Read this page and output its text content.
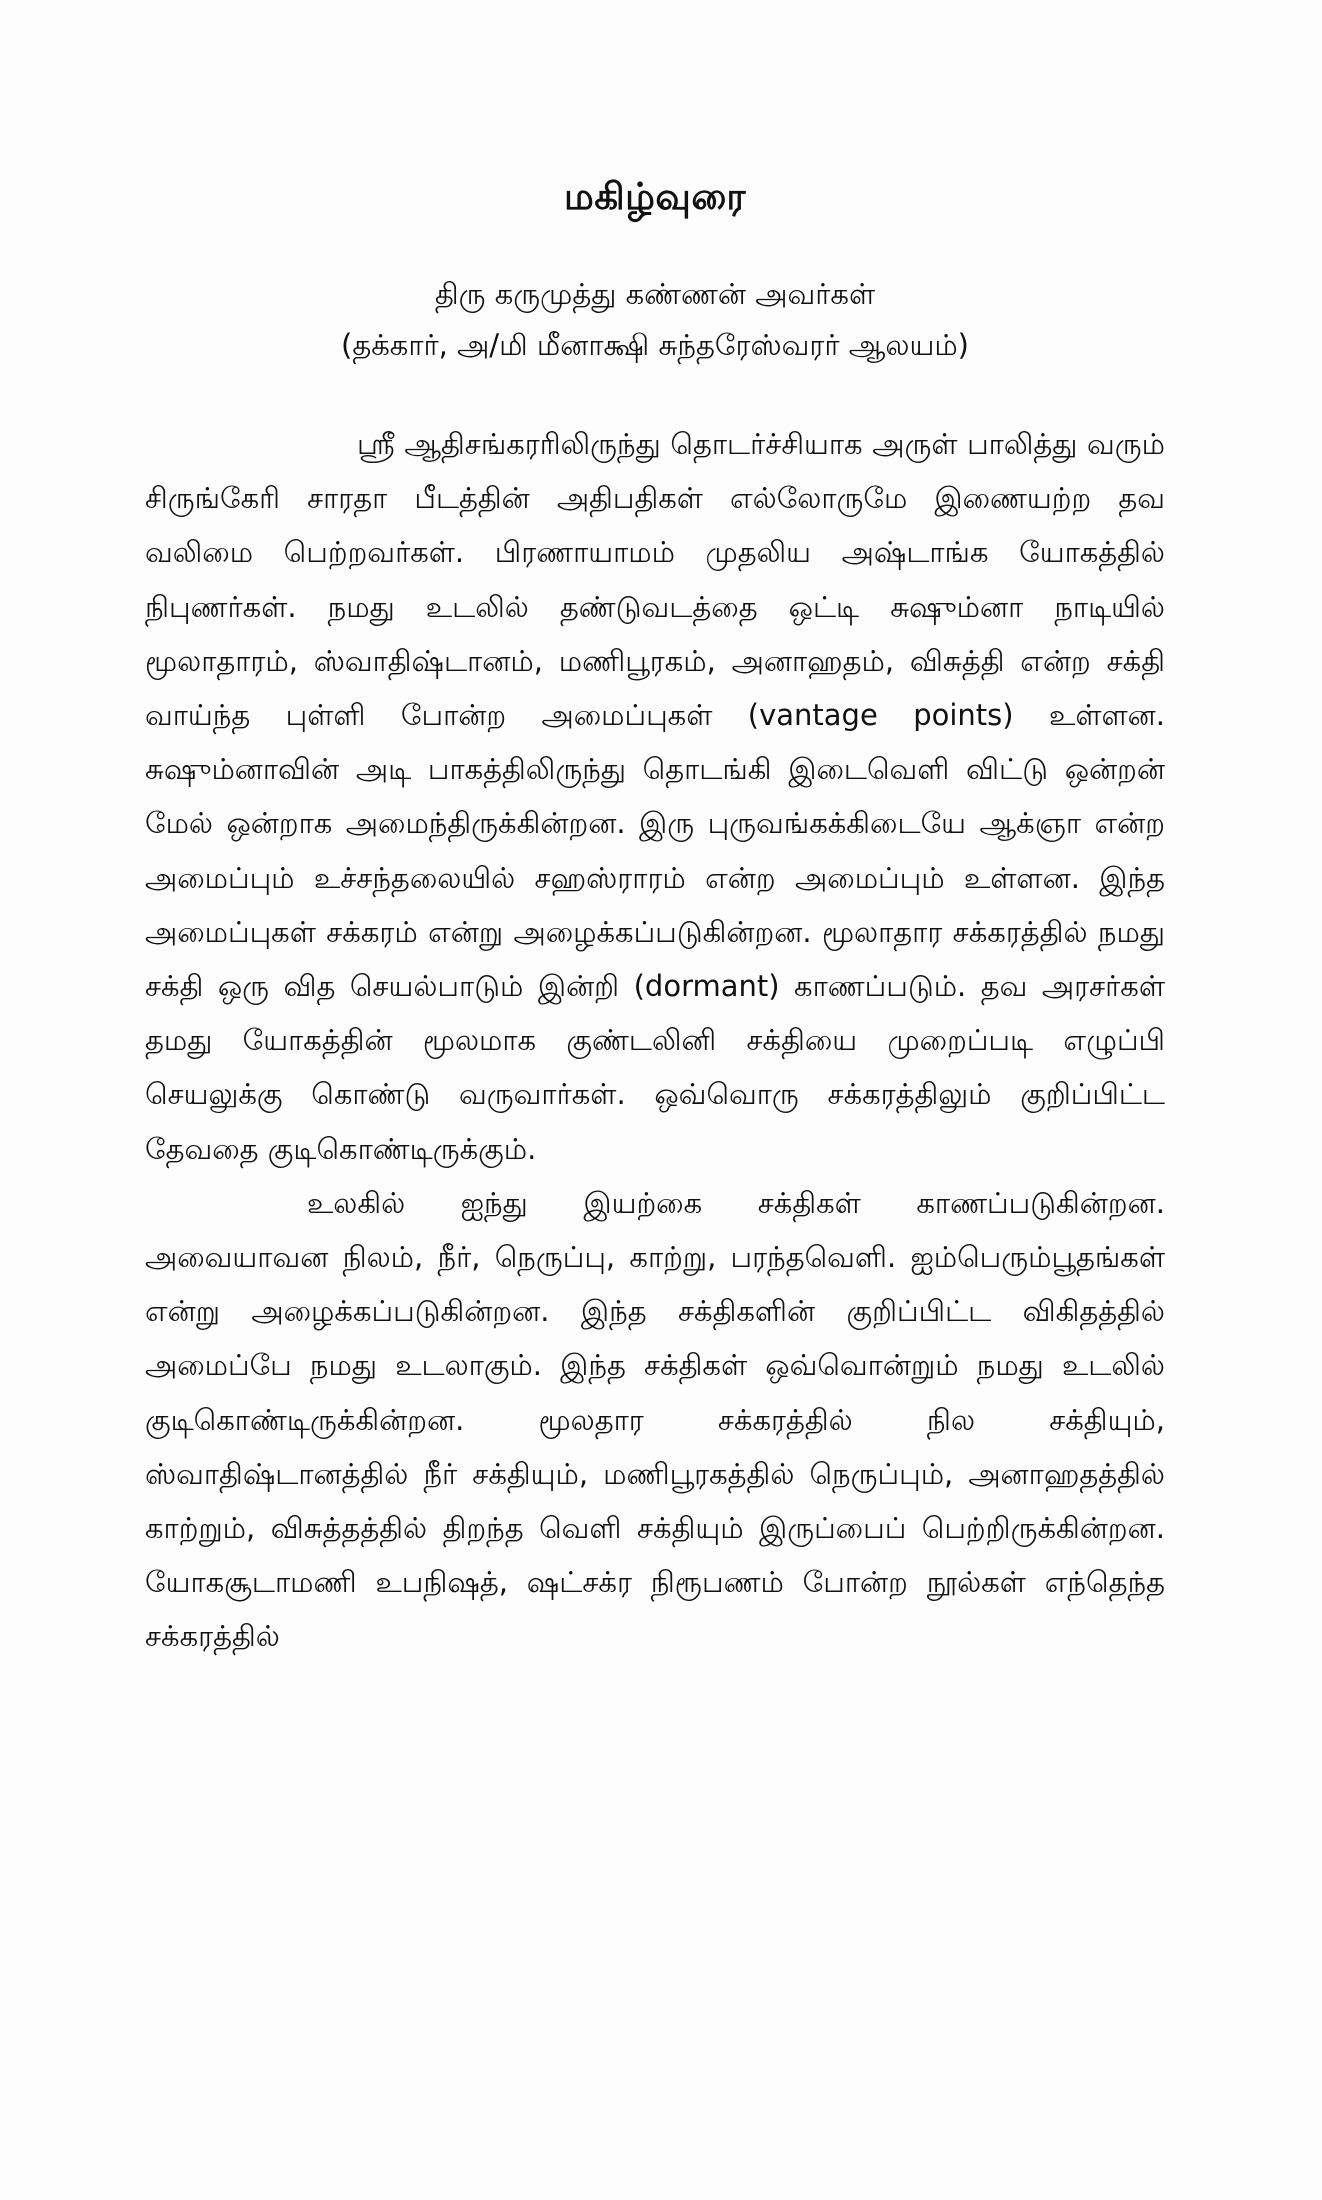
மகிழ்வுரை

திரு கருமுத்து கண்ணன் அவர்கள்

(தக்கார், அ/மி மீனாக்ஷி சுந்தரேஸ்வரர் ஆலயம்)

ஸ்ரீ ஆதிசங்கரரிலிருந்து தொடர்ச்சியாக அருள் பாலித்து வரும் சிருங்கேரி சாரதா பீடத்தின் அதிபதிகள் எல்லோருமே இணையற்ற தவ வலிமை பெற்றவர்கள். பிரணாயாமம் முதலிய அஷ்டாங்க யோகத்தில் நிபுணர்கள். நமது உடலில் தண்டுவடத்தை ஒட்டி சுஷும்னா நாடியில் மூலாதாரம், ஸ்வாதிஷ்டானம், மணிபூரகம், அனாஹதம், விசுத்தி என்ற சக்தி வாய்ந்த புள்ளி போன்ற அமைப்புகள் (vantage points) உள்ளன. சுஷும்னாவின் அடி பாகத்திலிருந்து தொடங்கி இடைவெளி விட்டு ஒன்றன் மேல் ஒன்றாக அமைந்திருக்கின்றன. இரு புருவங்கக்கிடையே ஆக்ஞா என்ற அமைப்பும் உச்சந்தலையில் சஹஸ்ராரம் என்ற அமைப்பும் உள்ளன. இந்த அமைப்புகள் சக்கரம் என்று அழைக்கப்படுகின்றன. மூலாதார சக்கரத்தில் நமது சக்தி ஒரு வித செயல்பாடும் இன்றி (dormant) காணப்படும். தவ அரசர்கள் தமது யோகத்தின் மூலமாக குண்டலினி சக்தியை முறைப்படி எழுப்பி செயலுக்கு கொண்டு வருவார்கள். ஒவ்வொரு சக்கரத்திலும் குறிப்பிட்ட தேவதை குடிகொண்டிருக்கும்.

உலகில் ஐந்து இயற்கை சக்திகள் காணப்படுகின்றன. அவையாவன நிலம், நீர், நெருப்பு, காற்று, பரந்தவெளி. ஐம்பெரும்பூதங்கள் என்று அழைக்கப்படுகின்றன. இந்த சக்திகளின் குறிப்பிட்ட விகிதத்தில் அமைப்பே நமது உடலாகும். இந்த சக்திகள் ஒவ்வொன்றும் நமது உடலில் குடிகொண்டிருக்கின்றன. மூலதார சக்கரத்தில் நில சக்தியும், ஸ்வாதிஷ்டானத்தில் நீர் சக்தியும், மணிபூரகத்தில் நெருப்பும், அனாஹதத்தில் காற்றும், விசுத்தத்தில் திறந்த வெளி சக்தியும் இருப்பைப் பெற்றிருக்கின்றன. யோகசூடாமணி உபநிஷத், ஷட்சக்ர நிரூபணம் போன்ற நூல்கள் எந்தெந்த சக்கரத்தில்
